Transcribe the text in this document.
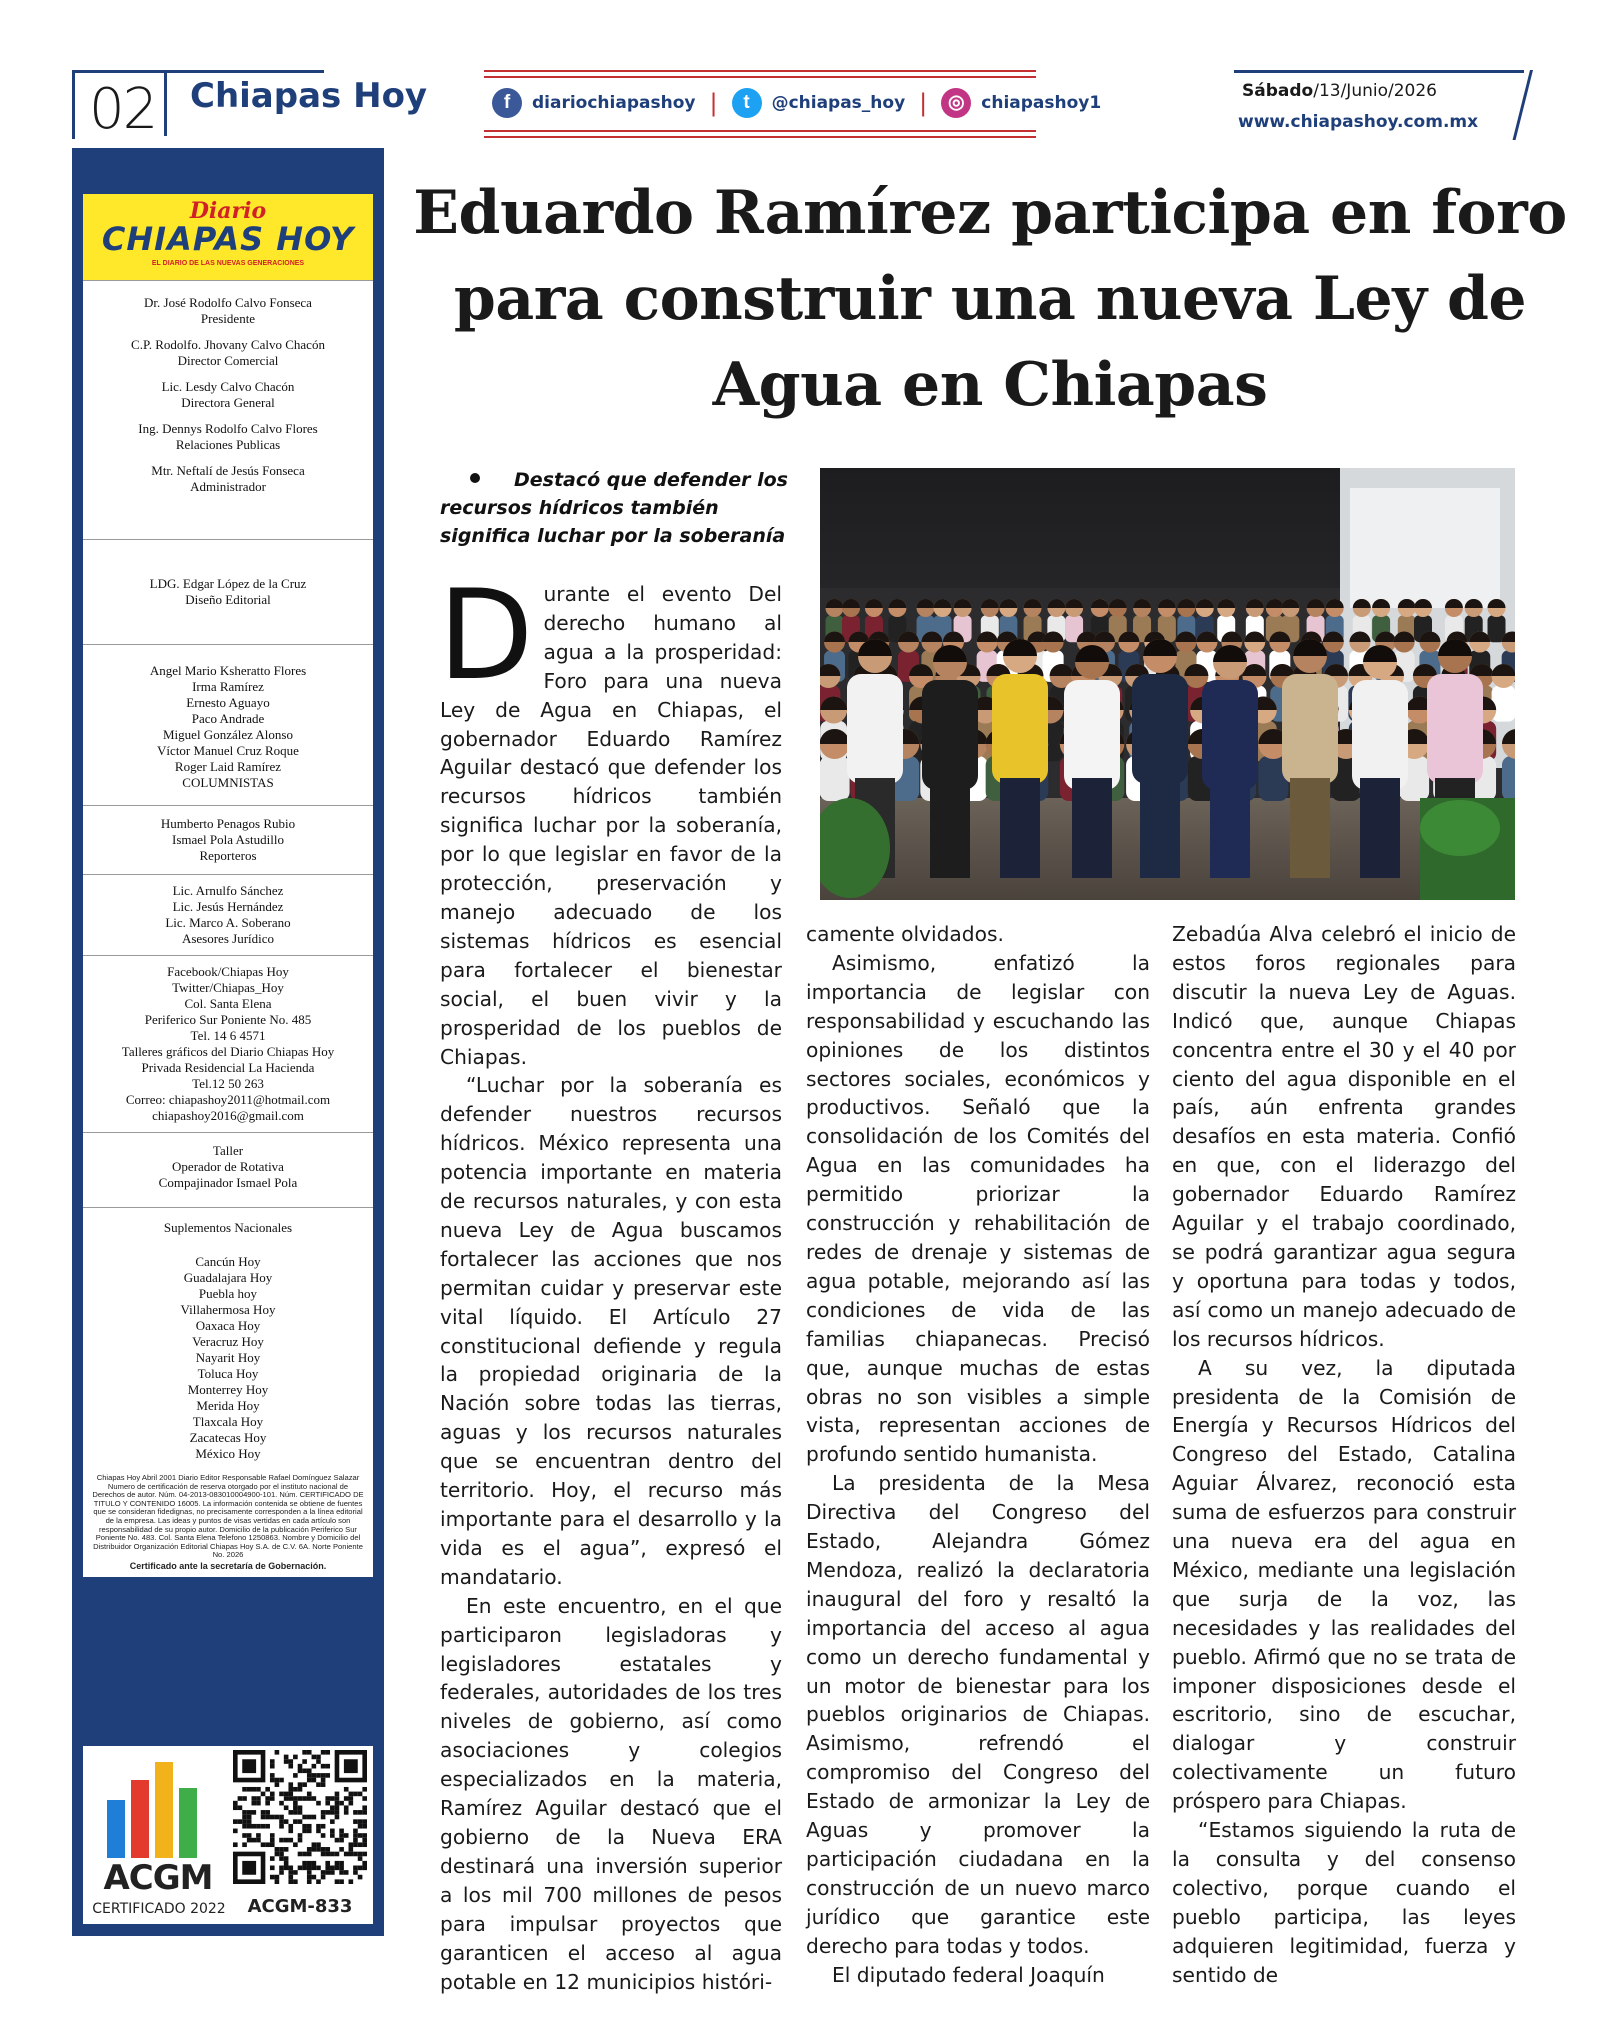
02 Chiapas Hoy	f	diariochiapashoy |	t	@chiapas_hoy |	◎ chiapashoy1
Sábado/13/Junio/2026
www.chiapashoy.com.mx
Diario
CHIAPAS HOY
EL DIARIO DE LAS NUEVAS GENERACIONES

Dr. José Rodolfo Calvo Fonseca
Presidente

C.P. Rodolfo. Jhovany Calvo Chacón
Director Comercial

Lic. Lesdy Calvo Chacón
Directora General

Ing. Dennys Rodolfo Calvo Flores
Relaciones Publicas

Mtr. Neftalí de Jesús Fonseca
Administrador

LDG. Edgar López de la Cruz
Diseño Editorial

Angel Mario Ksheratto Flores

Irma Ramírez

Ernesto Aguayo

Paco Andrade

Miguel González Alonso

Víctor Manuel Cruz Roque

Roger Laid Ramírez

COLUMNISTAS

Humberto Penagos Rubio

Ismael Pola Astudillo

Reporteros

Lic. Arnulfo Sánchez

Lic. Jesús Hernández

Lic. Marco A. Soberano

Asesores Jurídico

Facebook/Chiapas Hoy

Twitter/Chiapas_Hoy

Col. Santa Elena

Periferico Sur Poniente No. 485

Tel. 14 6 4571

Talleres gráficos del Diario Chiapas Hoy

Privada Residencial La Hacienda

Tel.12 50 263

Correo: chiapashoy2011@hotmail.com

chiapashoy2016@gmail.com

Taller

Operador de Rotativa

Compajinador Ismael Pola

Suplementos Nacionales

Cancún Hoy

Guadalajara Hoy

Puebla hoy

Villahermosa Hoy

Oaxaca Hoy

Veracruz Hoy

Nayarit Hoy

Toluca Hoy

Monterrey Hoy

Merida Hoy

Tlaxcala Hoy

Zacatecas Hoy

México Hoy

Chiapas Hoy Abril 2001 Diario Editor Responsable Rafael Domínguez Salazar Numero de certificación de reserva otorgado por el instituto nacional de Derechos de autor. Núm. 04-2013-083010004900-101. Núm. CERTIFICADO DE TITULO Y CONTENIDO 16005. La información contenida se obtiene de fuentes que se consideran fidedignas, no precisamente corresponden a la línea editorial de la empresa. Las ideas y puntos de visas vertidas en cada artículo son responsabilidad de su propio autor. Domicilio de la publicación Periferico Sur Poniente No. 483. Col. Santa Elena Telefono 1250863. Nombre y Domicilio del Distribuidor Organización Editorial Chiapas Hoy S.A. de C.V. 6A. Norte Poniente No. 2026
Certificado ante la secretaría de Gobernación.
ACGM
CERTIFICADO 2022	ACGM-833
Eduardo Ramírez participa en foro para construir una nueva Ley de Agua en Chiapas
Destacó que defender los recursos hídricos también significa luchar por la soberanía
D urante el evento Del derecho humano al agua a la prosperidad: Foro para una nueva Ley de Agua en Chiapas, el gobernador Eduardo Ramírez Aguilar destacó que defender los recursos hídricos también significa luchar por la soberanía, por lo que legislar en favor de la protección, preservación y manejo adecuado de los sistemas hídricos es esencial para fortalecer el bienestar social, el buen vivir y la prosperidad de los pueblos de Chiapas.

“Luchar por la soberanía es defender nuestros recursos hídricos. México representa una potencia importante en materia de recursos naturales, y con esta nueva Ley de Agua buscamos fortalecer las acciones que nos permitan cuidar y preservar este vital líquido. El Artículo 27 constitucional defiende y regula la propiedad originaria de la Nación sobre todas las tierras, aguas y los recursos naturales que se encuentran dentro del territorio. Hoy, el recurso más importante para el desarrollo y la vida es el agua”, expresó el mandatario.

En este encuentro, en el que participaron legisladoras y legisladores estatales y federales, autoridades de los tres niveles de gobierno, así como asociaciones y colegios especializados en la materia, Ramírez Aguilar destacó que el gobierno de la Nueva ERA destinará una inversión superior a los mil 700 millones de pesos para impulsar proyectos que garanticen el acceso al agua potable en 12 municipios históri-

camente olvidados.

Asimismo, enfatizó la importancia de legislar con responsabilidad y escuchando las opiniones de los distintos sectores sociales, económicos y productivos. Señaló que la consolidación de los Comités del Agua en las comunidades ha permitido priorizar la construcción y rehabilitación de redes de drenaje y sistemas de agua potable, mejorando así las condiciones de vida de las familias chiapanecas. Precisó que, aunque muchas de estas obras no son visibles a simple vista, representan acciones de profundo sentido humanista.

La presidenta de la Mesa Directiva del Congreso del Estado, Alejandra Gómez Mendoza, realizó la declaratoria inaugural del foro y resaltó la importancia del acceso al agua como un derecho fundamental y un motor de bienestar para los pueblos originarios de Chiapas. Asimismo, refrendó el compromiso del Congreso del Estado de armonizar la Ley de Aguas y promover la participación ciudadana en la construcción de un nuevo marco jurídico que garantice este derecho para todas y todos.

El diputado federal Joaquín

Zebadúa Alva celebró el inicio de estos foros regionales para discutir la nueva Ley de Aguas. Indicó que, aunque Chiapas concentra entre el 30 y el 40 por ciento del agua disponible en el país, aún enfrenta grandes desafíos en esta materia. Confió en que, con el liderazgo del gobernador Eduardo Ramírez Aguilar y el trabajo coordinado, se podrá garantizar agua segura y oportuna para todas y todos, así como un manejo adecuado de los recursos hídricos.

A su vez, la diputada presidenta de la Comisión de Energía y Recursos Hídricos del Congreso del Estado, Catalina Aguiar Álvarez, reconoció esta suma de esfuerzos para construir una nueva era del agua en México, mediante una legislación que surja de la voz, las necesidades y las realidades del pueblo. Afirmó que no se trata de imponer disposiciones desde el escritorio, sino de escuchar, dialogar y construir colectivamente un futuro próspero para Chiapas.

“Estamos siguiendo la ruta de la consulta y del consenso colectivo, porque cuando el pueblo participa, las leyes adquieren legitimidad, fuerza y sentido de
